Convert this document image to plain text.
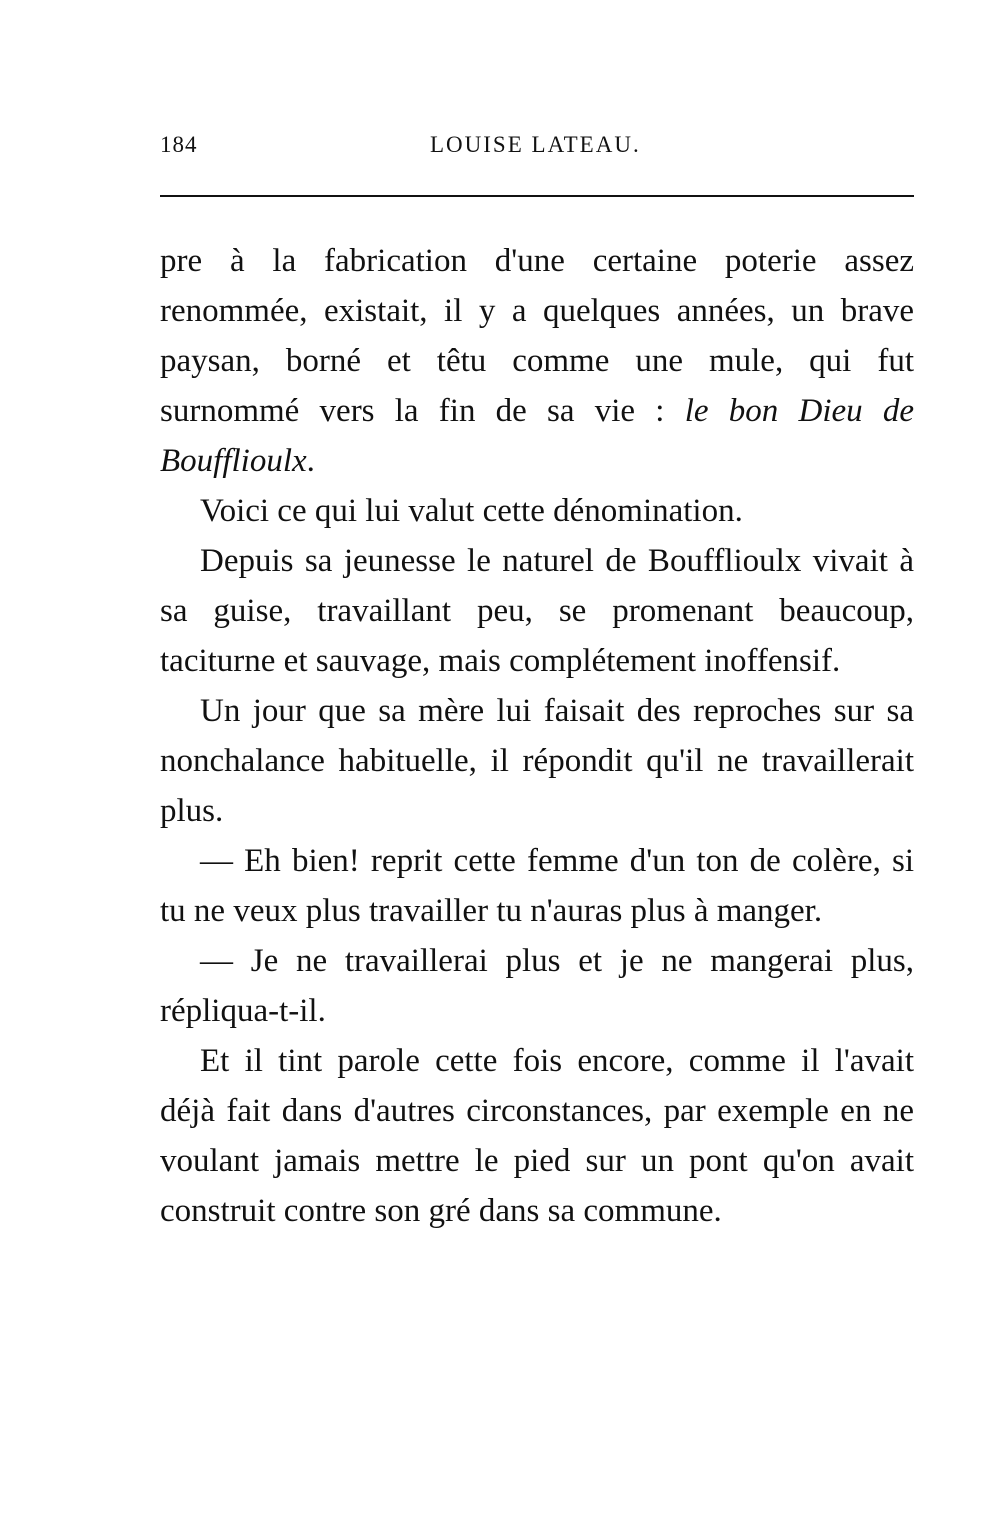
184	LOUISE LATEAU.

pre à la fabrication d'une certaine poterie assez renommée, existait, il y a quelques années, un brave paysan, borné et têtu comme une mule, qui fut surnommé vers la fin de sa vie : le bon Dieu de Boufflioulx.

Voici ce qui lui valut cette dénomination.

Depuis sa jeunesse le naturel de Boufflioulx vivait à sa guise, travaillant peu, se promenant beaucoup, taciturne et sauvage, mais complétement inoffensif.

Un jour que sa mère lui faisait des reproches sur sa nonchalance habituelle, il répondit qu'il ne travaillerait plus.

— Eh bien! reprit cette femme d'un ton de colère, si tu ne veux plus travailler tu n'auras plus à manger.

— Je ne travaillerai plus et je ne mangerai plus, répliqua-t-il.

Et il tint parole cette fois encore, comme il l'avait déjà fait dans d'autres circonstances, par exemple en ne voulant jamais mettre le pied sur un pont qu'on avait construit contre son gré dans sa commune.
